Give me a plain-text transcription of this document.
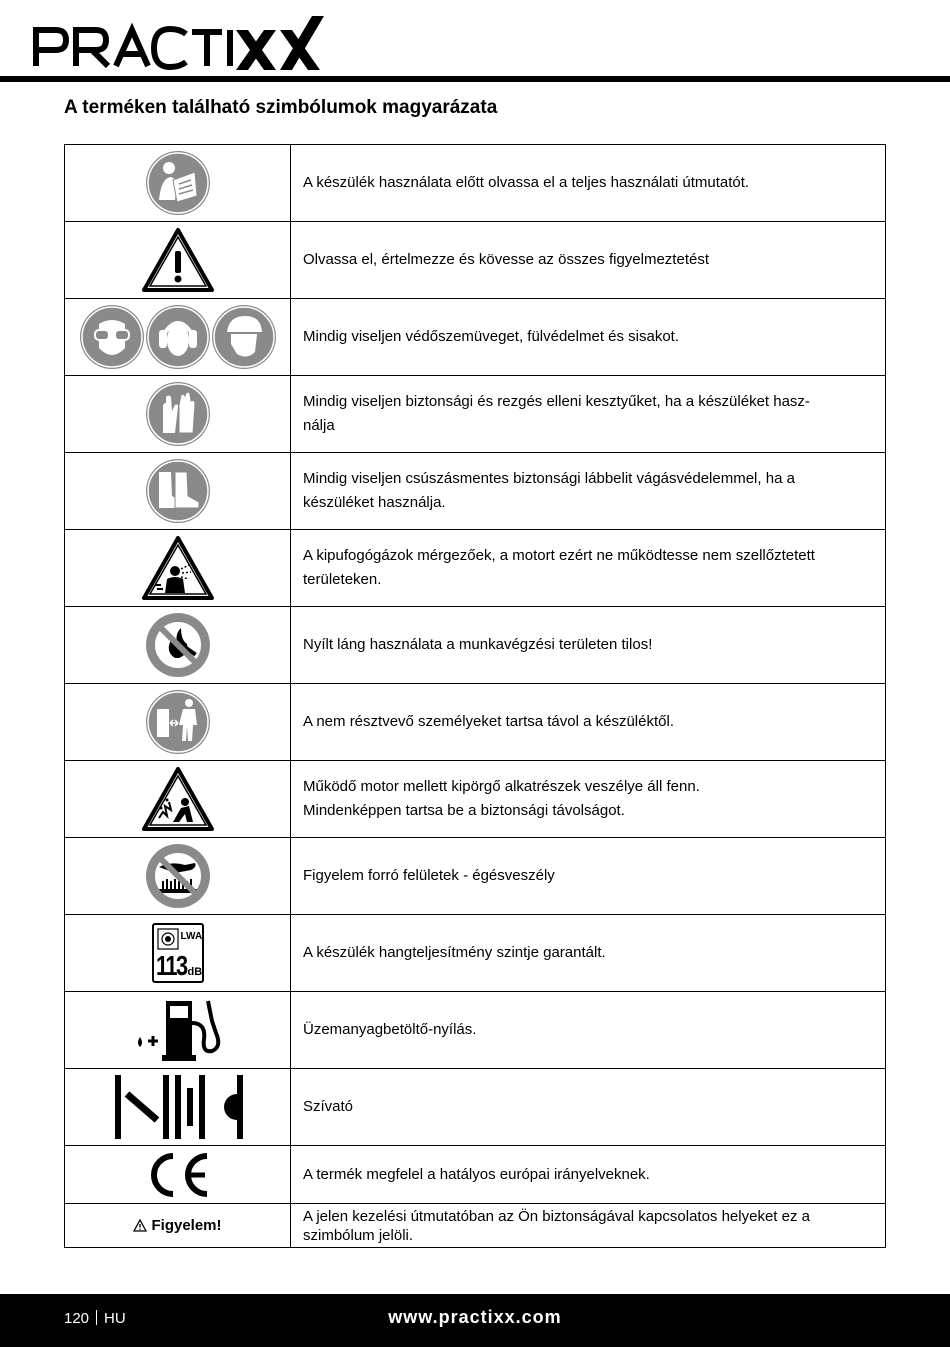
A terméken található szimbólumok magyarázata

A készülék használata előtt olvassa el a teljes használati útmutatót.

Olvassa el, értelmezze és kövesse az összes figyelmeztetést

Mindig viseljen védőszemüveget, fülvédelmet és sisakot.

Mindig viseljen biztonsági és rezgés elleni kesztyűket, ha a készüléket hasz-
nálja

Mindig viseljen csúszásmentes biztonsági lábbelit vágásvédelemmel, ha a
készüléket használja.

A kipufogógázok mérgezőek, a motort ezért ne működtesse nem szellőztetett
területeken.

Nyílt láng használata a munkavégzési területen tilos!

A nem résztvevő személyeket tartsa távol a készüléktől.

Működő motor mellett kipörgő alkatrészek veszélye áll fenn.
Mindenképpen tartsa be a biztonsági távolságot.

Figyelem forró felületek - égésveszély

LWA
113 dB	A készülék hangteljesítmény szintje garantált.

Üzemanyagbetöltő-nyílás.

Szívató

A termék megfelel a hatályos európai irányelveknek.

Figyelem!	A jelen kezelési útmutatóban az Ön biztonságával kapcsolatos helyeket ez a
szimbólum jelöli.
120 HU	www.practixx.com
